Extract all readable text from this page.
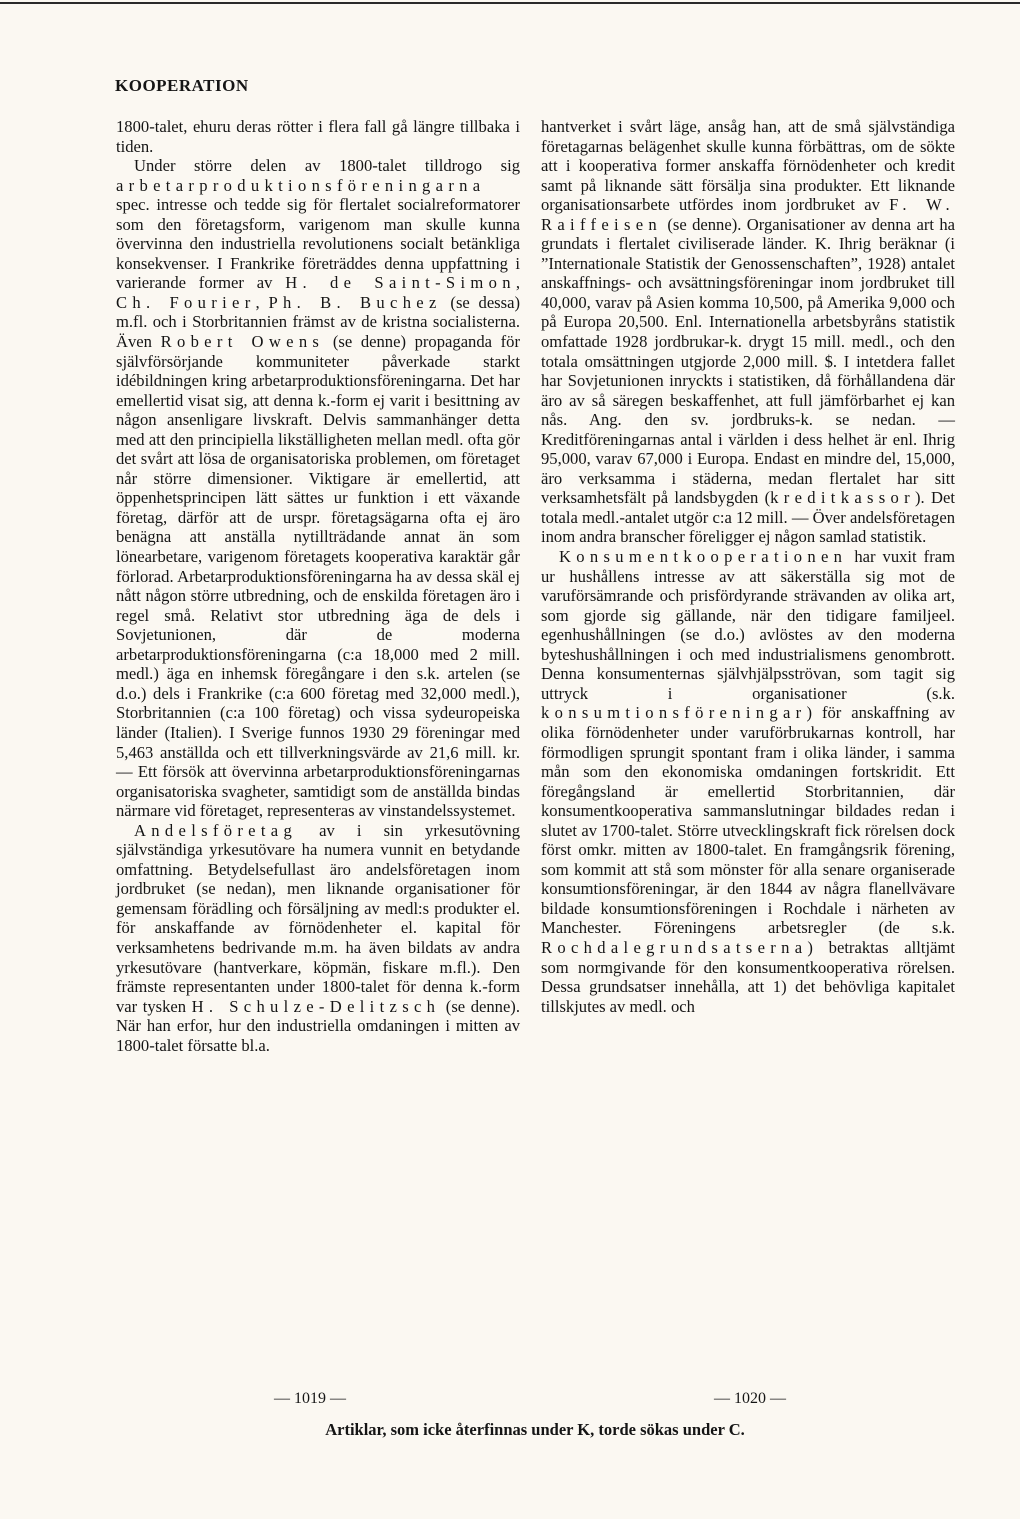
KOOPERATION

1800-talet, ehuru deras rötter i flera fall gå längre tillbaka i tiden.

Under större delen av 1800-talet tilldrogo sig arbetarproduktionsföreningarna spec. intresse och tedde sig för flertalet socialreformatorer som den företagsform, varigenom man skulle kunna övervinna den industriella revolutionens socialt betänkliga konsekvenser. I Frankrike företräddes denna uppfattning i varierande former av H. de Saint-Simon, Ch. Fourier, Ph. B. Buchez (se dessa) m.fl. och i Storbritannien främst av de kristna socialisterna. Även Robert Owens (se denne) propaganda för självförsörjande kommuniteter påverkade starkt idébildningen kring arbetarproduktionsföreningarna. Det har emellertid visat sig, att denna k.-form ej varit i besittning av någon ansenligare livskraft. Delvis sammanhänger detta med att den principiella likställigheten mellan medl. ofta gör det svårt att lösa de organisatoriska problemen, om företaget når större dimensioner. Viktigare är emellertid, att öppenhetsprincipen lätt sättes ur funktion i ett växande företag, därför att de urspr. företagsägarna ofta ej äro benägna att anställa nytillträdande annat än som lönearbetare, varigenom företagets kooperativa karaktär går förlorad. Arbetarproduktionsföreningarna ha av dessa skäl ej nått någon större utbredning, och de enskilda företagen äro i regel små. Relativt stor utbredning äga de dels i Sovjetunionen, där de moderna arbetarproduktionsföreningarna (c:a 18,000 med 2 mill. medl.) äga en inhemsk föregångare i den s.k. artelen (se d.o.) dels i Frankrike (c:a 600 företag med 32,000 medl.), Storbritannien (c:a 100 företag) och vissa sydeuropeiska länder (Italien). I Sverige funnos 1930 29 föreningar med 5,463 anställda och ett tillverkningsvärde av 21,6 mill. kr. — Ett försök att övervinna arbetarproduktionsföreningarnas organisatoriska svagheter, samtidigt som de anställda bindas närmare vid företaget, representeras av vinstandelssystemet.

Andelsföretag av i sin yrkesutövning självständiga yrkesutövare ha numera vunnit en betydande omfattning. Betydelsefullast äro andelsföretagen inom jordbruket (se nedan), men liknande organisationer för gemensam förädling och försäljning av medl:s produkter el. för anskaffande av förnödenheter el. kapital för verksamhetens bedrivande m.m. ha även bildats av andra yrkesutövare (hantverkare, köpmän, fiskare m.fl.). Den främste representanten under 1800-talet för denna k.-form var tysken H. Schulze-Delitzsch (se denne). När han erfor, hur den industriella omdaningen i mitten av 1800-talet försatte bl.a.

hantverket i svårt läge, ansåg han, att de små självständiga företagarnas belägenhet skulle kunna förbättras, om de sökte att i kooperativa former anskaffa förnödenheter och kredit samt på liknande sätt försälja sina produkter. Ett liknande organisationsarbete utfördes inom jordbruket av F. W. Raiffeisen (se denne). Organisationer av denna art ha grundats i flertalet civiliserade länder. K. Ihrig beräknar (i ”Internationale Statistik der Genossenschaften”, 1928) antalet anskaffnings- och avsättningsföreningar inom jordbruket till 40,000, varav på Asien komma 10,500, på Amerika 9,000 och på Europa 20,500. Enl. Internationella arbetsbyråns statistik omfattade 1928 jordbrukar-k. drygt 15 mill. medl., och den totala omsättningen utgjorde 2,000 mill. $. I intetdera fallet har Sovjetunionen inryckts i statistiken, då förhållandena där äro av så säregen beskaffenhet, att full jämförbarhet ej kan nås. Ang. den sv. jordbruks-k. se nedan. — Kreditföreningarnas antal i världen i dess helhet är enl. Ihrig 95,000, varav 67,000 i Europa. Endast en mindre del, 15,000, äro verksamma i städerna, medan flertalet har sitt verksamhetsfält på landsbygden (kreditkassor). Det totala medl.-antalet utgör c:a 12 mill. — Över andelsföretagen inom andra branscher föreligger ej någon samlad statistik.

Konsumentkooperationen har vuxit fram ur hushållens intresse av att säkerställa sig mot de varuförsämrande och prisfördyrande strävanden av olika art, som gjorde sig gällande, när den tidigare familjeel. egenhushållningen (se d.o.) avlöstes av den moderna byteshushållningen i och med industrialismens genombrott. Denna konsumenternas självhjälpsströvan, som tagit sig uttryck i organisationer (s.k. konsumtionsföreningar) för anskaffning av olika förnödenheter under varuförbrukarnas kontroll, har förmodligen sprungit spontant fram i olika länder, i samma mån som den ekonomiska omdaningen fortskridit. Ett föregångsland är emellertid Storbritannien, där konsumentkooperativa sammanslutningar bildades redan i slutet av 1700-talet. Större utvecklingskraft fick rörelsen dock först omkr. mitten av 1800-talet. En framgångsrik förening, som kommit att stå som mönster för alla senare organiserade konsumtionsföreningar, är den 1844 av några flanellvävare bildade konsumtionsföreningen i Rochdale i närheten av Manchester. Föreningens arbetsregler (de s.k. Rochdalegrundsatserna) betraktas alltjämt som normgivande för den konsumentkooperativa rörelsen. Dessa grundsatser innehålla, att 1) det behövliga kapitalet tillskjutes av medl. och

— 1019 —	— 1020 —
Artiklar, som icke återfinnas under K, torde sökas under C.
